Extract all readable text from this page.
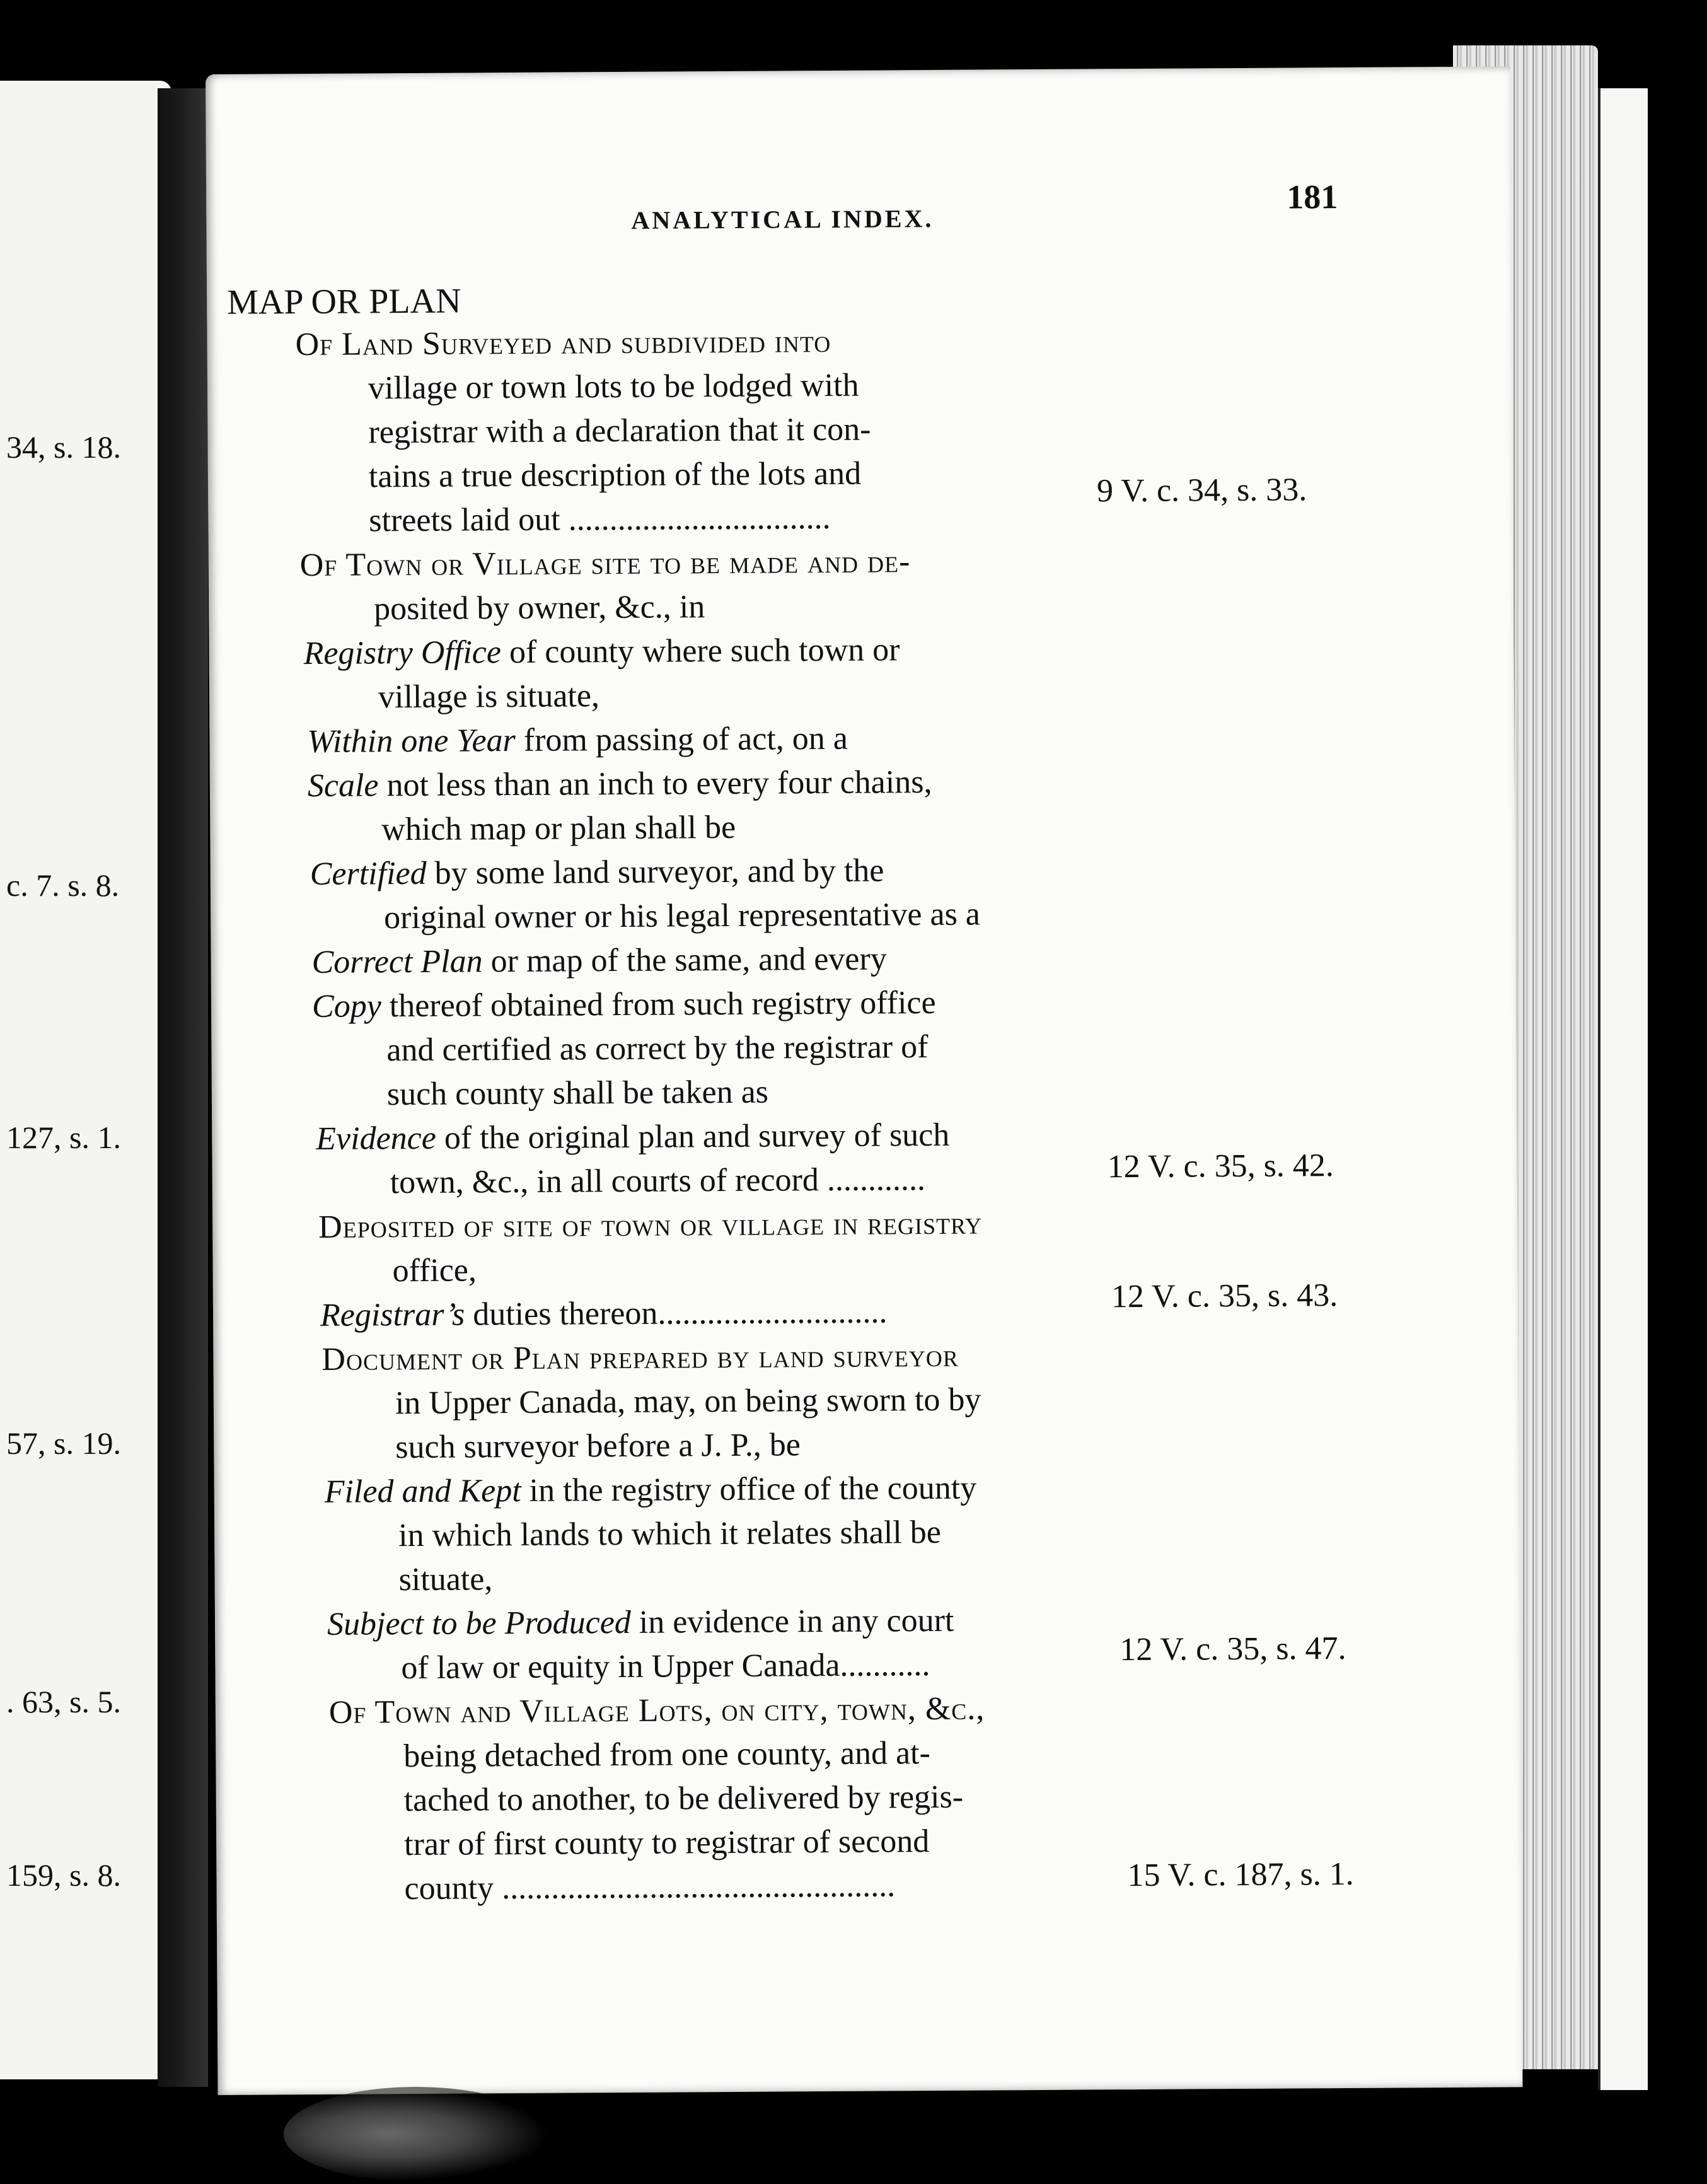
34, s. 18.
c. 7. s. 8.
127, s. 1.
57, s. 19.
. 63, s. 5.
159, s. 8.
ANALYTICAL INDEX.
181
MAP OR PLAN
Of Land Surveyed and subdivided into
village or town lots to be lodged with
registrar with a declaration that it con-
tains a true description of the lots and
streets laid out ................................
Of Town or Village site to be made and de-
posited by owner, &c., in
Registry Office of county where such town or
village is situate,
Within one Year from passing of act, on a
Scale not less than an inch to every four chains,
which map or plan shall be
Certified by some land surveyor, and by the
original owner or his legal representative as a
Correct Plan or map of the same, and every
Copy thereof obtained from such registry office
and certified as correct by the registrar of
such county shall be taken as
Evidence of the original plan and survey of such
town, &c., in all courts of record ............
Deposited of site of town or village in registry
office,
Registrar’s duties thereon............................
Document or Plan prepared by land surveyor
in Upper Canada, may, on being sworn to by
such surveyor before a J. P., be
Filed and Kept in the registry office of the county
in which lands to which it relates shall be
situate,
Subject to be Produced in evidence in any court
of law or equity in Upper Canada...........
Of Town and Village Lots, on city, town, &c.,
being detached from one county, and at-
tached to another, to be delivered by regis-
trar of first county to registrar of second
county ................................................
9 V. c. 34, s. 33.
12 V. c. 35, s. 42.
12 V. c. 35, s. 43.
12 V. c. 35, s. 47.
15 V. c. 187, s. 1.
